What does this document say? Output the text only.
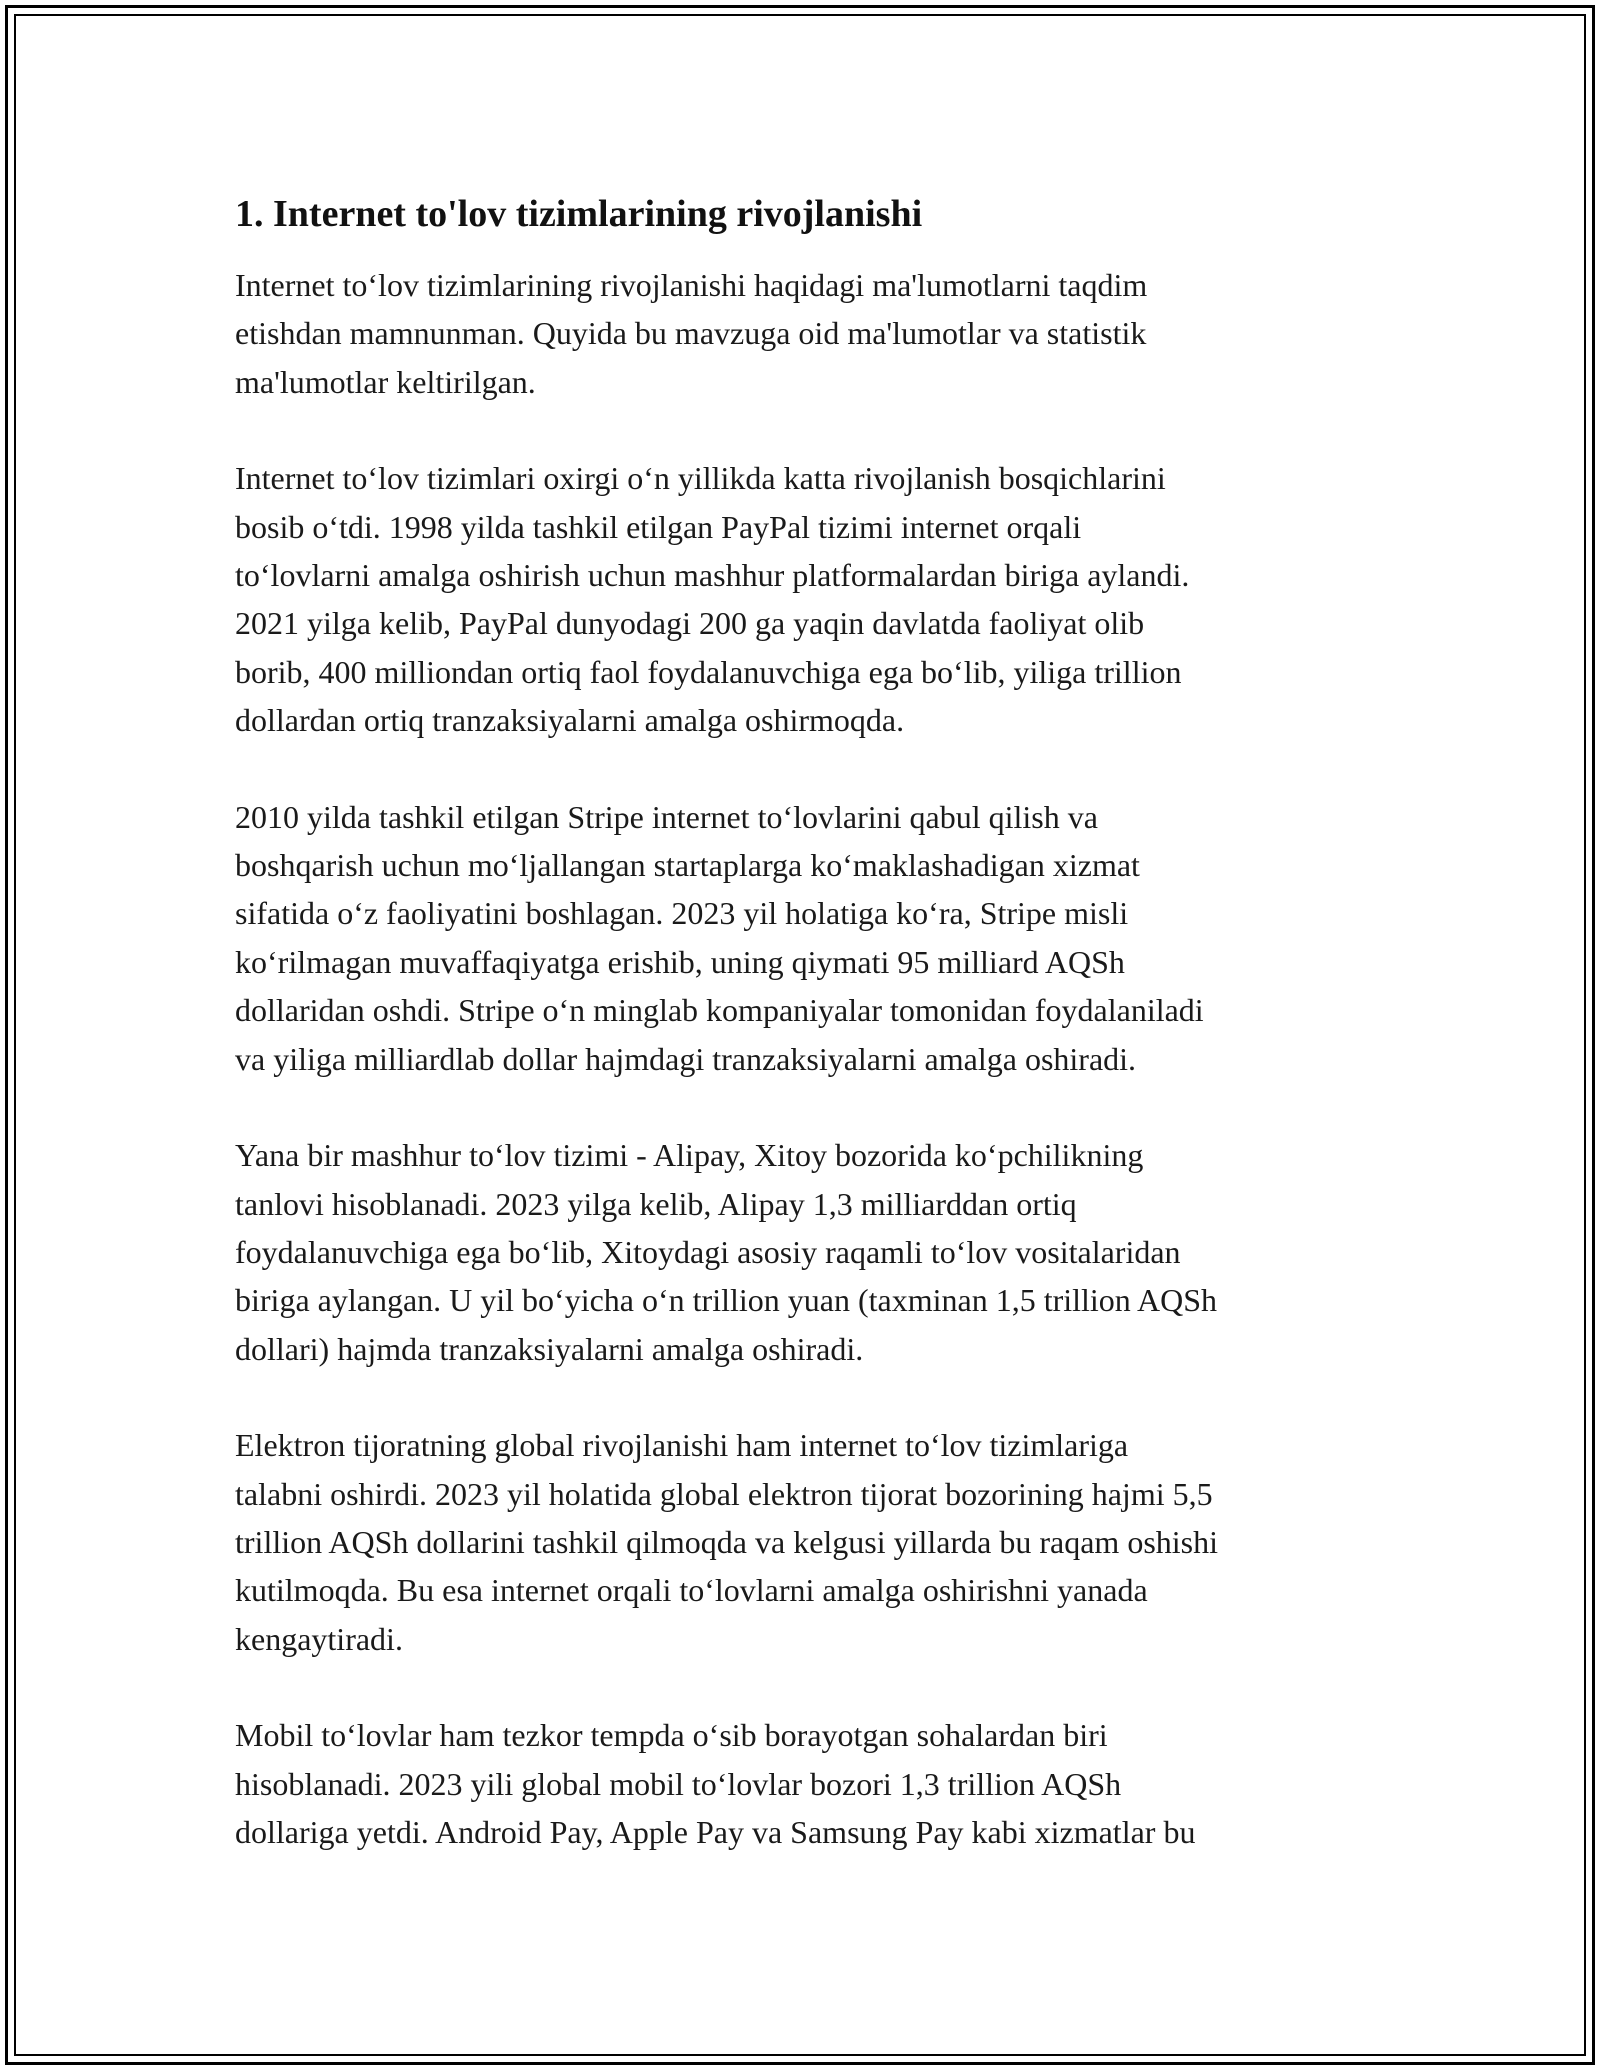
1. Internet to'lov tizimlarining rivojlanishi

Internet to‘lov tizimlarining rivojlanishi haqidagi ma'lumotlarni taqdim
etishdan mamnunman. Quyida bu mavzuga oid ma'lumotlar va statistik
ma'lumotlar keltirilgan.

Internet to‘lov tizimlari oxirgi o‘n yillikda katta rivojlanish bosqichlarini
bosib o‘tdi. 1998 yilda tashkil etilgan PayPal tizimi internet orqali
to‘lovlarni amalga oshirish uchun mashhur platformalardan biriga aylandi.
2021 yilga kelib, PayPal dunyodagi 200 ga yaqin davlatda faoliyat olib
borib, 400 milliondan ortiq faol foydalanuvchiga ega bo‘lib, yiliga trillion
dollardan ortiq tranzaksiyalarni amalga oshirmoqda.

2010 yilda tashkil etilgan Stripe internet to‘lovlarini qabul qilish va
boshqarish uchun mo‘ljallangan startaplarga ko‘maklashadigan xizmat
sifatida o‘z faoliyatini boshlagan. 2023 yil holatiga ko‘ra, Stripe misli
ko‘rilmagan muvaffaqiyatga erishib, uning qiymati 95 milliard AQSh
dollaridan oshdi. Stripe o‘n minglab kompaniyalar tomonidan foydalaniladi
va yiliga milliardlab dollar hajmdagi tranzaksiyalarni amalga oshiradi.

Yana bir mashhur to‘lov tizimi - Alipay, Xitoy bozorida ko‘pchilikning
tanlovi hisoblanadi. 2023 yilga kelib, Alipay 1,3 milliarddan ortiq
foydalanuvchiga ega bo‘lib, Xitoydagi asosiy raqamli to‘lov vositalaridan
biriga aylangan. U yil bo‘yicha o‘n trillion yuan (taxminan 1,5 trillion AQSh
dollari) hajmda tranzaksiyalarni amalga oshiradi.

Elektron tijoratning global rivojlanishi ham internet to‘lov tizimlariga
talabni oshirdi. 2023 yil holatida global elektron tijorat bozorining hajmi 5,5
trillion AQSh dollarini tashkil qilmoqda va kelgusi yillarda bu raqam oshishi
kutilmoqda. Bu esa internet orqali to‘lovlarni amalga oshirishni yanada
kengaytiradi.

Mobil to‘lovlar ham tezkor tempda o‘sib borayotgan sohalardan biri
hisoblanadi. 2023 yili global mobil to‘lovlar bozori 1,3 trillion AQSh
dollariga yetdi. Android Pay, Apple Pay va Samsung Pay kabi xizmatlar bu
